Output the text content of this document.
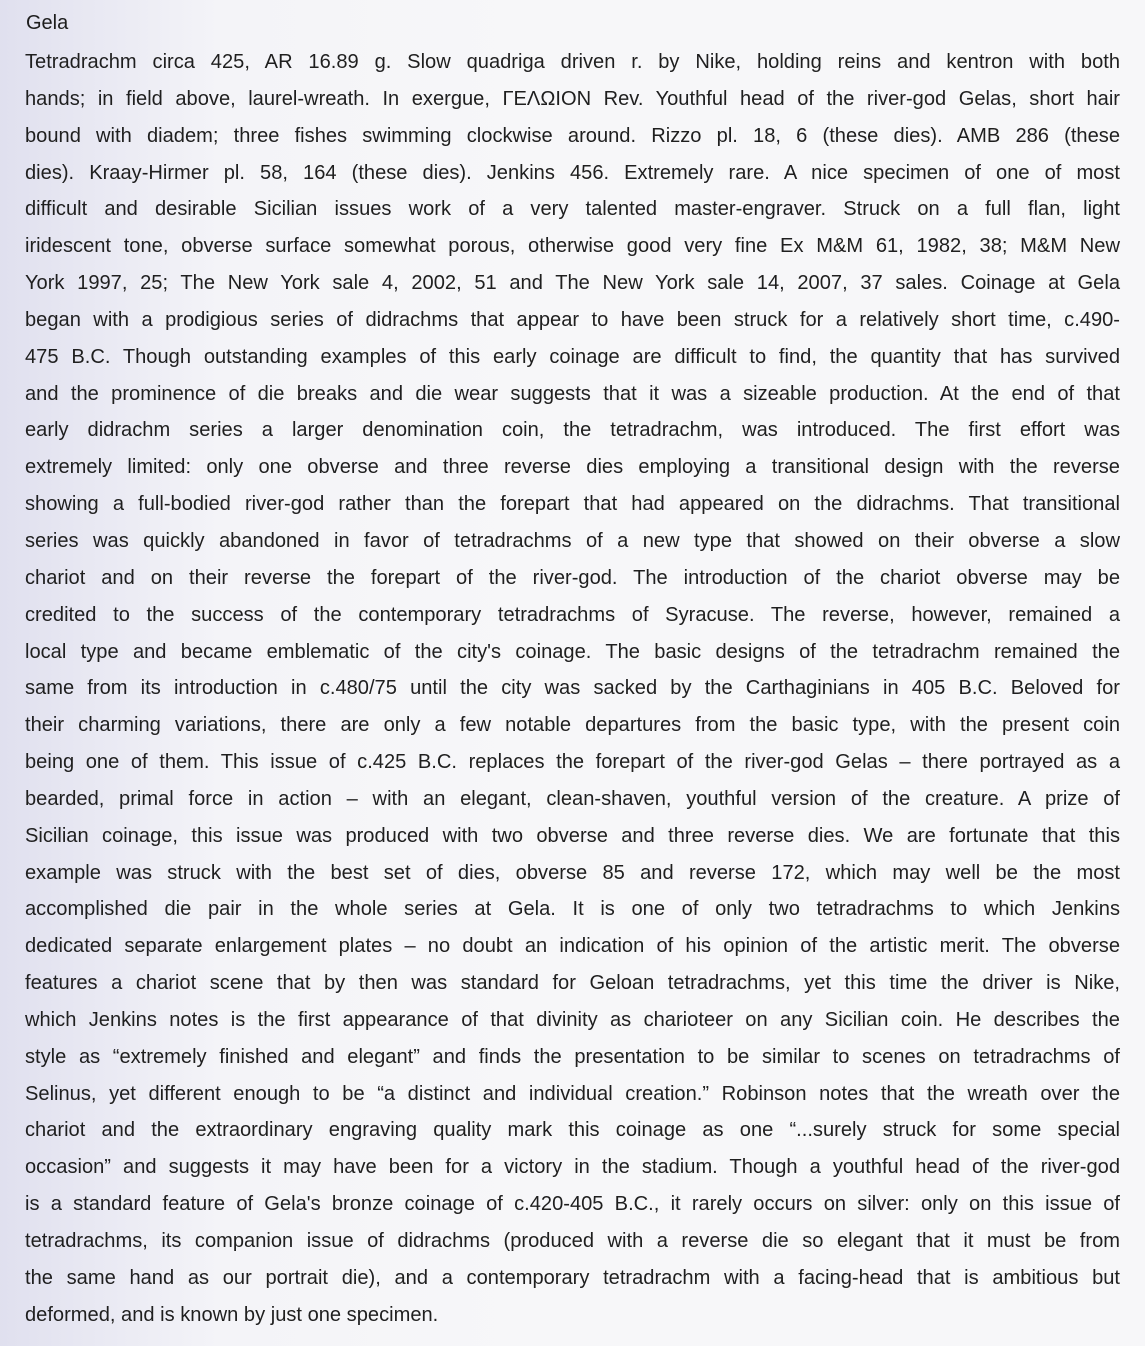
Gela
Tetradrachm circa 425, AR 16.89 g. Slow quadriga driven r. by Nike, holding reins and kentron with both
hands; in field above, laurel-wreath. In exergue, ΓΕΛΩΙΟΝ Rev. Youthful head of the river-god Gelas, short hair
bound with diadem; three fishes swimming clockwise around. Rizzo pl. 18, 6 (these dies). AMB 286 (these
dies). Kraay-Hirmer pl. 58, 164 (these dies). Jenkins 456. Extremely rare. A nice specimen of one of most
difficult and desirable Sicilian issues work of a very talented master-engraver. Struck on a full flan, light
iridescent tone, obverse surface somewhat porous, otherwise good very fine Ex M&M 61, 1982, 38; M&M New
York 1997, 25; The New York sale 4, 2002, 51 and The New York sale 14, 2007, 37 sales. Coinage at Gela
began with a prodigious series of didrachms that appear to have been struck for a relatively short time, c.490-
475 B.C. Though outstanding examples of this early coinage are difficult to find, the quantity that has survived
and the prominence of die breaks and die wear suggests that it was a sizeable production. At the end of that
early didrachm series a larger denomination coin, the tetradrachm, was introduced. The first effort was
extremely limited: only one obverse and three reverse dies employing a transitional design with the reverse
showing a full-bodied river-god rather than the forepart that had appeared on the didrachms. That transitional
series was quickly abandoned in favor of tetradrachms of a new type that showed on their obverse a slow
chariot and on their reverse the forepart of the river-god. The introduction of the chariot obverse may be
credited to the success of the contemporary tetradrachms of Syracuse. The reverse, however, remained a
local type and became emblematic of the city's coinage. The basic designs of the tetradrachm remained the
same from its introduction in c.480/75 until the city was sacked by the Carthaginians in 405 B.C. Beloved for
their charming variations, there are only a few notable departures from the basic type, with the present coin
being one of them. This issue of c.425 B.C. replaces the forepart of the river-god Gelas – there portrayed as a
bearded, primal force in action – with an elegant, clean-shaven, youthful version of the creature. A prize of
Sicilian coinage, this issue was produced with two obverse and three reverse dies. We are fortunate that this
example was struck with the best set of dies, obverse 85 and reverse 172, which may well be the most
accomplished die pair in the whole series at Gela. It is one of only two tetradrachms to which Jenkins
dedicated separate enlargement plates – no doubt an indication of his opinion of the artistic merit. The obverse
features a chariot scene that by then was standard for Geloan tetradrachms, yet this time the driver is Nike,
which Jenkins notes is the first appearance of that divinity as charioteer on any Sicilian coin. He describes the
style as “extremely finished and elegant” and finds the presentation to be similar to scenes on tetradrachms of
Selinus, yet different enough to be “a distinct and individual creation.” Robinson notes that the wreath over the
chariot and the extraordinary engraving quality mark this coinage as one “...surely struck for some special
occasion” and suggests it may have been for a victory in the stadium. Though a youthful head of the river-god
is a standard feature of Gela's bronze coinage of c.420-405 B.C., it rarely occurs on silver: only on this issue of
tetradrachms, its companion issue of didrachms (produced with a reverse die so elegant that it must be from
the same hand as our portrait die), and a contemporary tetradrachm with a facing-head that is ambitious but
deformed, and is known by just one specimen.
